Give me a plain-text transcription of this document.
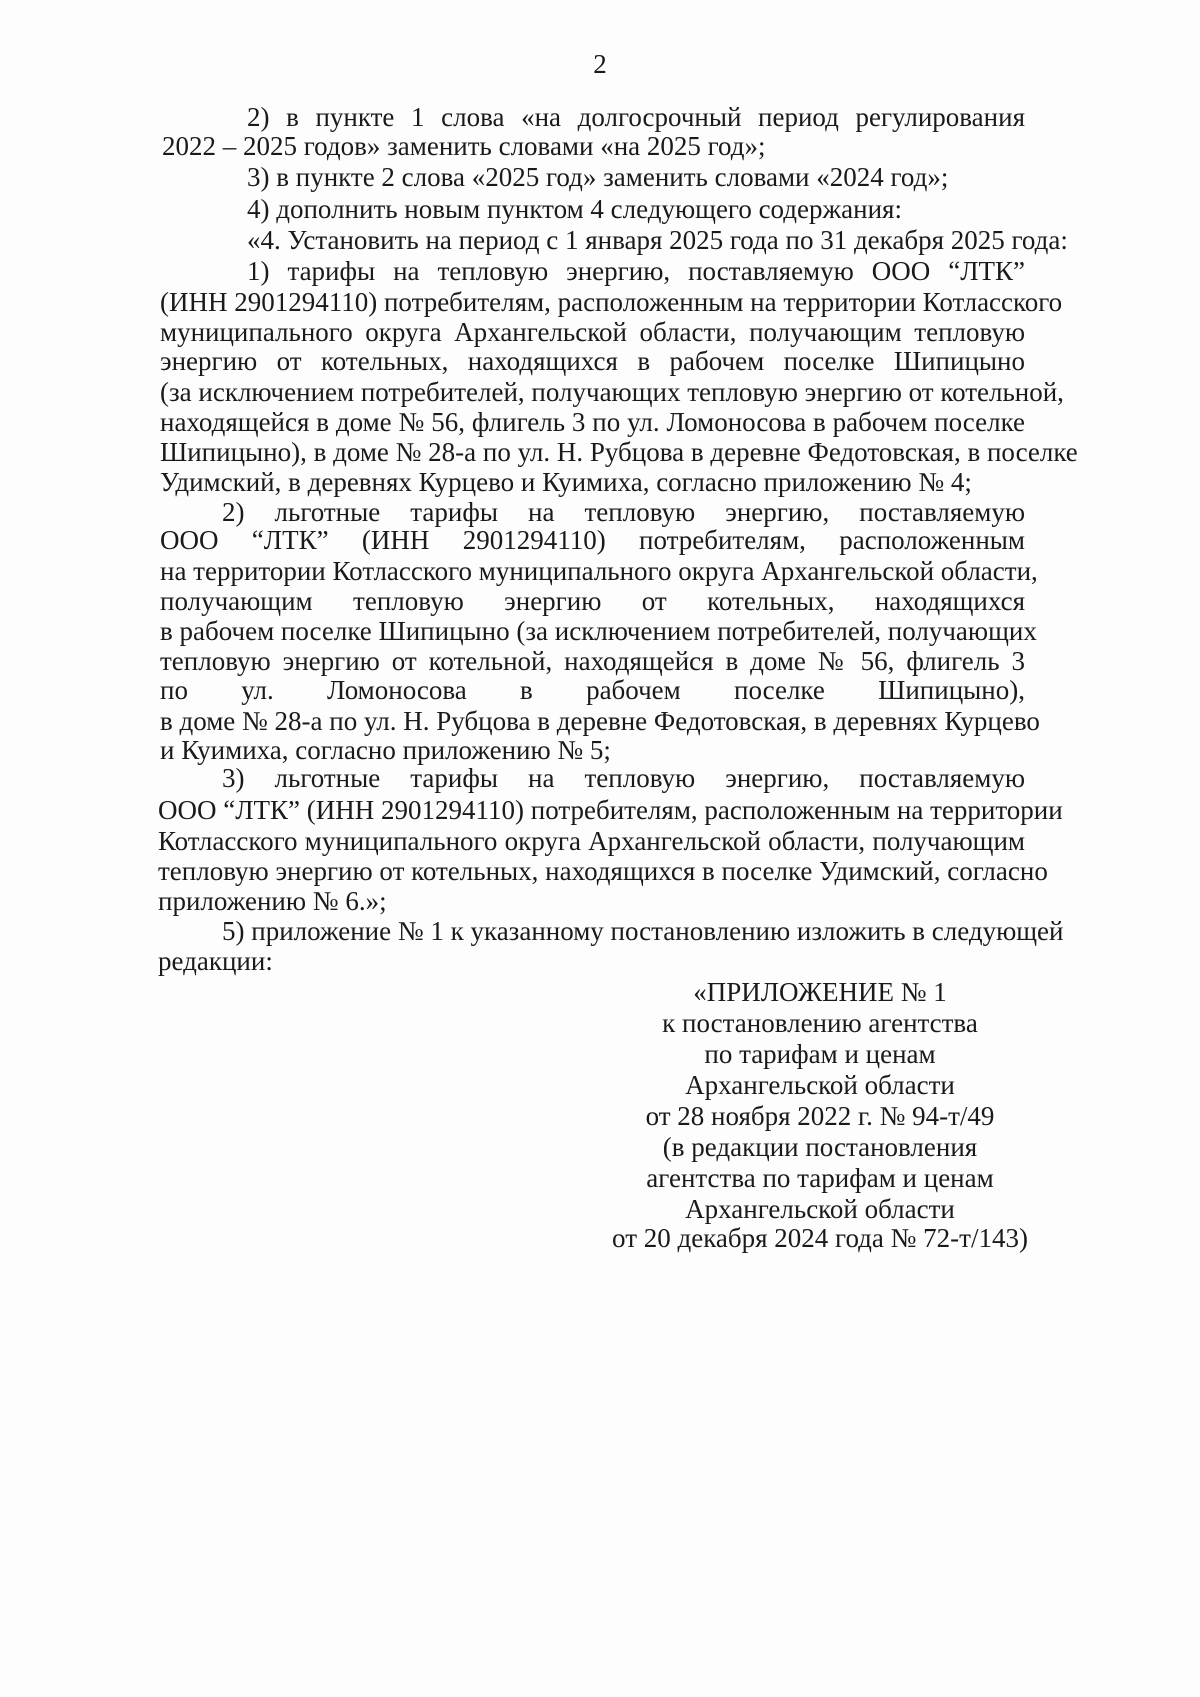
2
2) в пункте 1 слова «на долгосрочный период регулирования
2022 – 2025 годов» заменить словами «на 2025 год»;
3) в пункте 2 слова «2025 год» заменить словами «2024 год»;
4) дополнить новым пунктом 4 следующего содержания:
«4. Установить на период с 1 января 2025 года по 31 декабря 2025 года:
1) тарифы на тепловую энергию, поставляемую ООО “ЛТК”
(ИНН 2901294110) потребителям, расположенным на территории Котласского
муниципального округа Архангельской области, получающим тепловую
энергию от котельных, находящихся в рабочем поселке Шипицыно
(за исключением потребителей, получающих тепловую энергию от котельной,
находящейся в доме № 56, флигель 3 по ул. Ломоносова в рабочем поселке
Шипицыно), в доме № 28-а по ул. Н. Рубцова в деревне Федотовская, в поселке
Удимский, в деревнях Курцево и Куимиха, согласно приложению № 4;
2) льготные тарифы на тепловую энергию, поставляемую
ООО “ЛТК” (ИНН 2901294110) потребителям, расположенным
на территории Котласского муниципального округа Архангельской области,
получающим тепловую энергию от котельных, находящихся
в рабочем поселке Шипицыно (за исключением потребителей, получающих
тепловую энергию от котельной, находящейся в доме № 56, флигель 3
по ул. Ломоносова в рабочем поселке Шипицыно),
в доме № 28-а по ул. Н. Рубцова в деревне Федотовская, в деревнях Курцево
и Куимиха, согласно приложению № 5;
3) льготные тарифы на тепловую энергию, поставляемую
ООО “ЛТК” (ИНН 2901294110) потребителям, расположенным на территории
Котласского муниципального округа Архангельской области, получающим
тепловую энергию от котельных, находящихся в поселке Удимский, согласно
приложению № 6.»;
5) приложение № 1 к указанному постановлению изложить в следующей
редакции:
«ПРИЛОЖЕНИЕ № 1
к постановлению агентства
по тарифам и ценам
Архангельской области
от 28 ноября 2022 г. № 94-т/49
(в редакции постановления
агентства по тарифам и ценам
Архангельской области
от 20 декабря 2024 года № 72-т/143)
